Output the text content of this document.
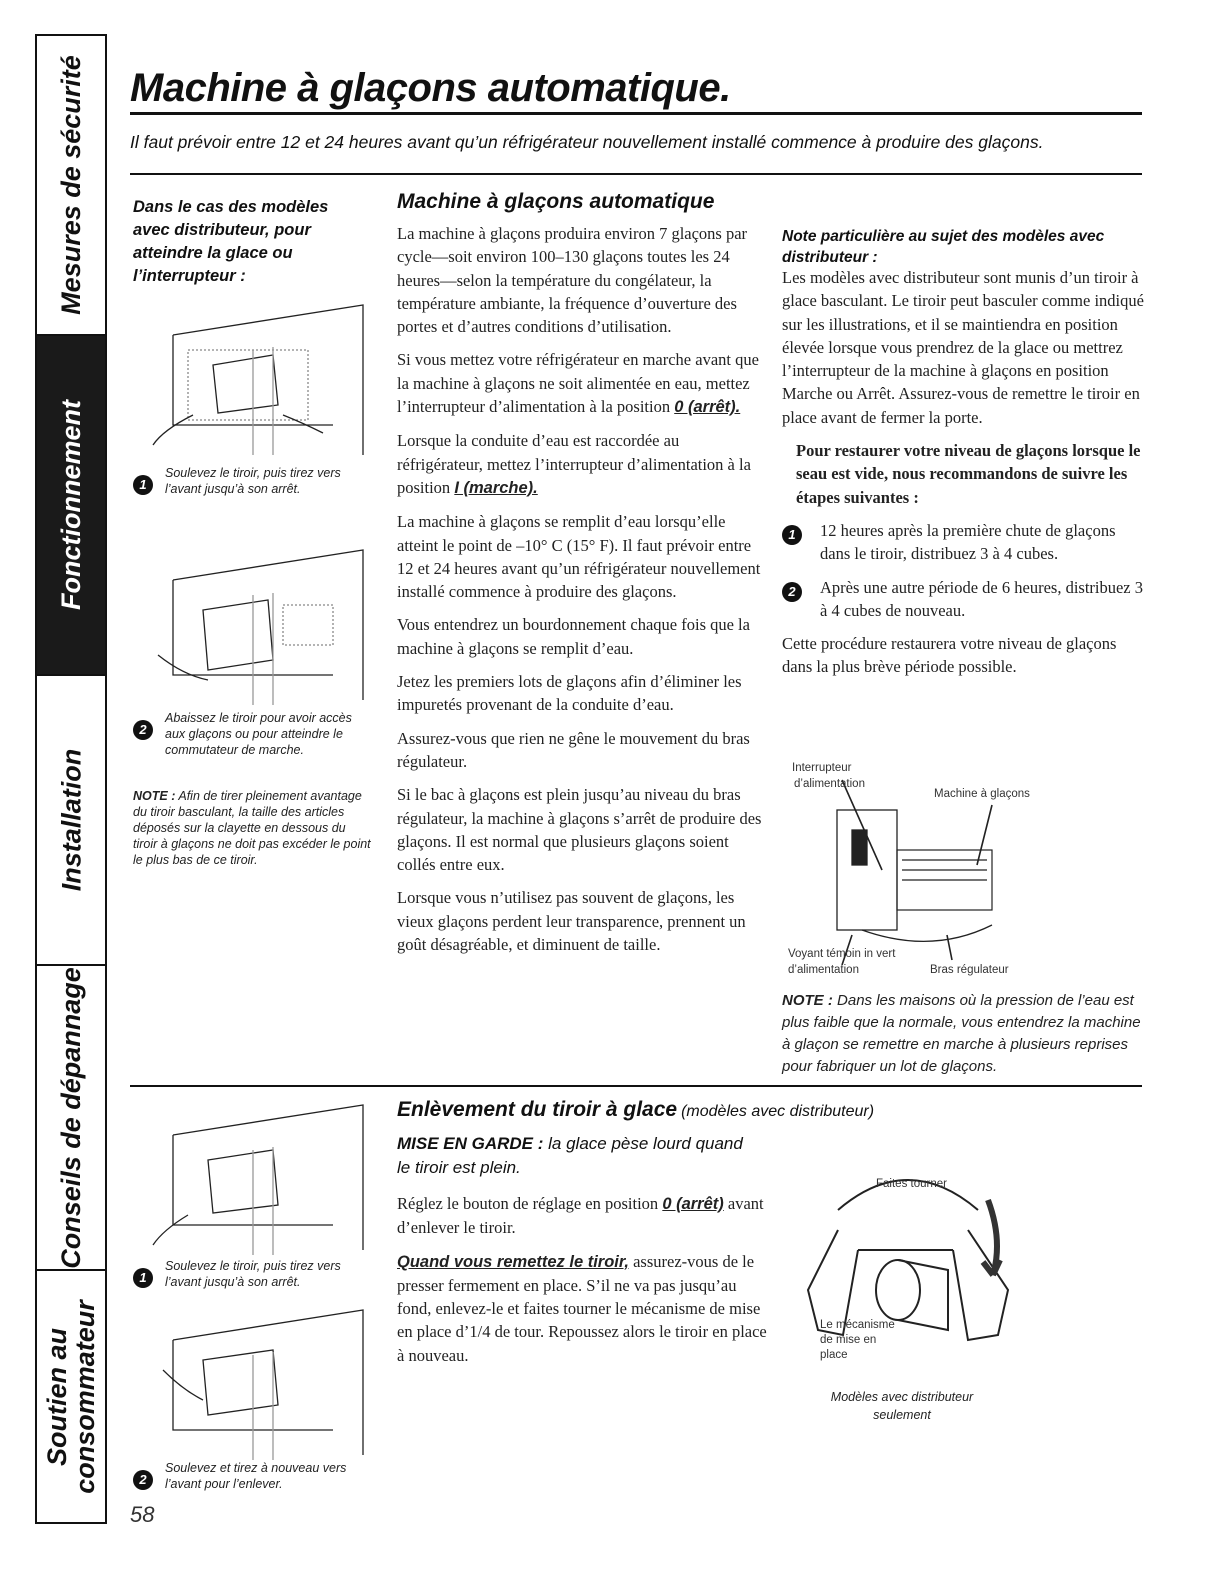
Mesures de sécurité
Fonctionnement
Installation
Conseils de dépannage
Soutien au
consommateur
Machine à glaçons automatique.
Il faut prévoir entre 12 et 24 heures avant qu’un réfrigérateur nouvellement installé commence à produire des glaçons.
Dans le cas des modèles avec distributeur, pour atteindre la glace ou l’interrupteur :
1
Soulevez le tiroir, puis tirez vers l’avant jusqu’à son arrêt.
2
Abaissez le tiroir pour avoir accès aux glaçons ou pour atteindre le commutateur de marche.
NOTE : Afin de tirer pleinement avantage du tiroir basculant, la taille des articles déposés sur la clayette en dessous du tiroir à glaçons ne doit pas excéder le point le plus bas de ce tiroir.
Machine à glaçons automatique

La machine à glaçons produira environ 7 glaçons par cycle—soit environ 100–130 glaçons toutes les 24 heures—selon la température du congélateur, la température ambiante, la fréquence d’ouverture des portes et d’autres conditions d’utilisation.

Si vous mettez votre réfrigérateur en marche avant que la machine à glaçons ne soit alimentée en eau, mettez l’interrupteur d’alimentation à la position 0 (arrêt).

Lorsque la conduite d’eau est raccordée au réfrigérateur, mettez l’interrupteur d’alimentation à la position I (marche).

La machine à glaçons se remplit d’eau lorsqu’elle atteint le point de –10° C (15° F). Il faut prévoir entre 12 et 24 heures avant qu’un réfrigérateur nouvellement installé commence à produire des glaçons.

Vous entendrez un bourdonnement chaque fois que la machine à glaçons se remplit d’eau.

Jetez les premiers lots de glaçons afin d’éliminer les impuretés provenant de la conduite d’eau.

Assurez-vous que rien ne gêne le mouvement du bras régulateur.

Si le bac à glaçons est plein jusqu’au niveau du bras régulateur, la machine à glaçons s’arrêt de produire des glaçons. Il est normal que plusieurs glaçons soient collés entre eux.

Lorsque vous n’utilisez pas souvent de glaçons, les vieux glaçons perdent leur transparence, prennent un goût désagréable, et diminuent de taille.

Note particulière au sujet des modèles avec distributeur :

Les modèles avec distributeur sont munis d’un tiroir à glace basculant. Le tiroir peut basculer comme indiqué sur les illustrations, et il se maintiendra en position élevée lorsque vous prendrez de la glace ou mettrez l’interrupteur de la machine à glaçons en position Marche ou Arrêt. Assurez-vous de remettre le tiroir en place avant de fermer la porte.

Pour restaurer votre niveau de glaçons lorsque le seau est vide, nous recommandons de suivre les étapes suivantes :

1	12 heures après la première chute de glaçons dans le tiroir, distribuez 3 à 4 cubes.
2	Après une autre période de 6 heures, distribuez 3 à 4 cubes de nouveau.

Cette procédure restaurera votre niveau de glaçons dans la plus brève période possible.

Interrupteur
d’alimentation
Machine à glaçons
Voyant témoin in vert
d’alimentation	Bras régulateur
NOTE : Dans les maisons où la pression de l’eau est plus faible que la normale, vous entendrez la machine à glaçon se remettre en marche à plusieurs reprises pour fabriquer un lot de glaçons.
Enlèvement du tiroir à glace (modèles avec distributeur)
MISE EN GARDE : la glace pèse lourd quand le tiroir est plein.

Réglez le bouton de réglage en position 0 (arrêt) avant d’enlever le tiroir.

Quand vous remettez le tiroir, assurez-vous de le presser fermement en place. S’il ne va pas jusqu’au fond, enlevez-le et faites tourner le mécanisme de mise en place d’1/4 de tour. Repoussez alors le tiroir en place à nouveau.

1
Soulevez le tiroir, puis tirez vers l’avant jusqu’à son arrêt.
2
Soulevez et tirez à nouveau vers l’avant pour l’enlever.
Faites tourner
Le mécanisme de mise en place
Modèles avec distributeur seulement
58
